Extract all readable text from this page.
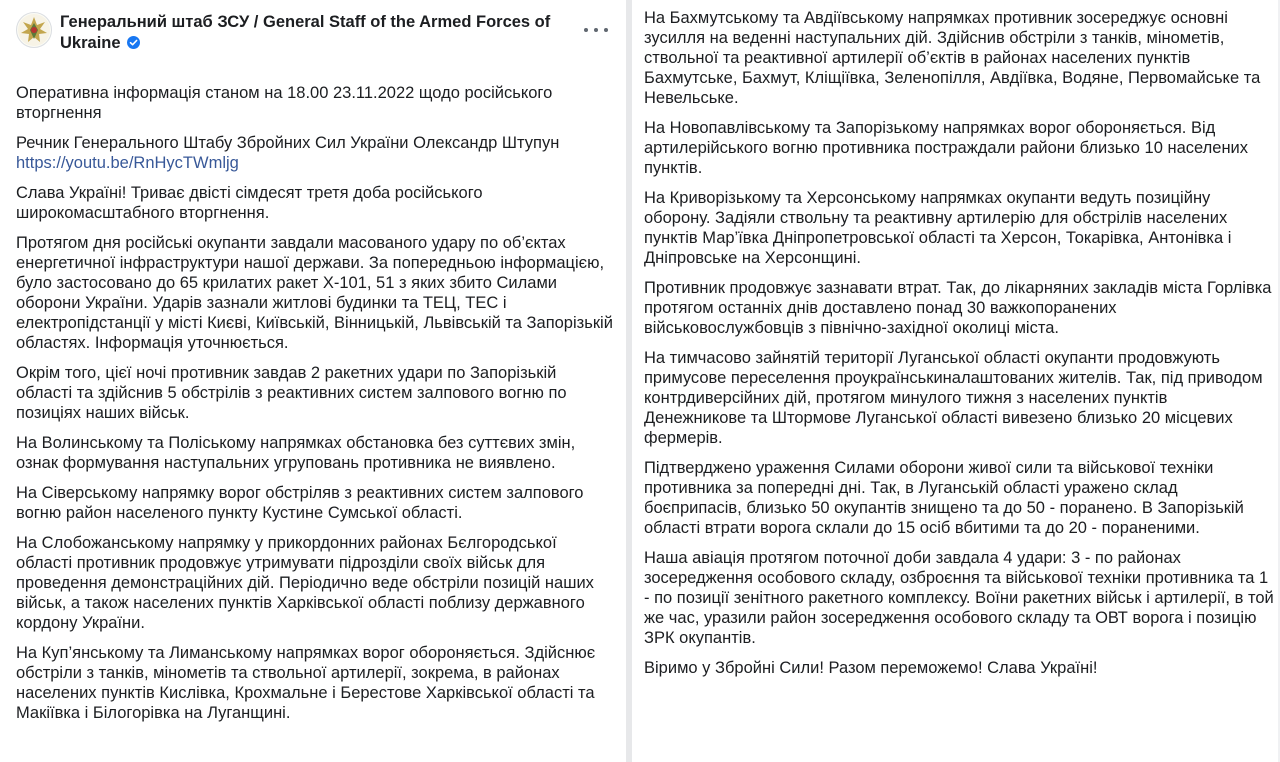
Генеральний штаб ЗСУ / General Staff of the Armed Forces of Ukraine

Оперативна інформація станом на 18.00 23.11.2022 щодо російського вторгнення

Речник Генерального Штабу Збройних Сил України Олександр Штупун https://youtu.be/RnHycTWmljg

Слава Україні! Триває двісті сімдесят третя доба російського широкомасштабного вторгнення.

Протягом дня російські окупанти завдали масованого удару по об’єктах енергетичної інфраструктури нашої держави. За попередньою інформацією, було застосовано до 65 крилатих ракет Х-101, 51 з яких збито Силами оборони України. Ударів зазнали житлові будинки та ТЕЦ, ТЕС і електропідстанції у місті Києві, Київській, Вінницькій, Львівській та Запорізькій областях. Інформація уточнюється.

Окрім того, цієї ночі противник завдав 2 ракетних удари по Запорізькій області та здійснив 5 обстрілів з реактивних систем залпового вогню по позиціях наших військ.

На Волинському та Поліському напрямках обстановка без суттєвих змін, ознак формування наступальних угруповань противника не виявлено.

На Сіверському напрямку ворог обстріляв з реактивних систем залпового вогню район населеного пункту Кустине Сумської області.

На Слобожанському напрямку у прикордонних районах Бєлгородської області противник продовжує утримувати підрозділи своїх військ для проведення демонстраційних дій. Періодично веде обстріли позицій наших військ, а також населених пунктів Харківської області поблизу державного кордону України.

На Куп’янському та Лиманському напрямках ворог обороняється. Здійснює обстріли з танків, мінометів та ствольної артилерії, зокрема, в районах населених пунктів Кислівка, Крохмальне і Берестове Харківської області та Макіївка і Білогорівка на Луганщині.

На Бахмутському та Авдіївському напрямках противник зосереджує основні зусилля на веденні наступальних дій. Здійснив обстріли з танків, мінометів, ствольної та реактивної артилерії об’єктів в районах населених пунктів Бахмутське, Бахмут, Кліщіївка, Зеленопілля, Авдіївка, Водяне, Первомайське та Невельське.

На Новопавлівському та Запорізькому напрямках ворог обороняється. Від артилерійського вогню противника постраждали райони близько 10 населених пунктів.

На Криворізькому та Херсонському напрямках окупанти ведуть позиційну оборону. Задіяли ствольну та реактивну артилерію для обстрілів населених пунктів Мар’ївка Дніпропетровської області та Херсон, Токарівка, Антонівка і Дніпровське на Херсонщині.

Противник продовжує зазнавати втрат. Так, до лікарняних закладів міста Горлівка протягом останніх днів доставлено понад 30 важкопоранених військовослужбовців з північно-західної околиці міста.

На тимчасово зайнятій території Луганської області окупанти продовжують примусове переселення проукраїнськиналаштованих жителів. Так, під приводом контрдиверсійних дій, протягом минулого тижня з населених пунктів Денежникове та Штормове Луганської області вивезено близько 20 місцевих фермерів.

Підтверджено ураження Силами оборони живої сили та військової техніки противника за попередні дні. Так, в Луганській області уражено склад боєприпасів, близько 50 окупантів знищено та до 50 - поранено. В Запорізькій області втрати ворога склали до 15 осіб вбитими та до 20 - пораненими.

Наша авіація протягом поточної доби завдала 4 удари: 3 - по районах зосередження особового складу, озброєння та військової техніки противника та 1 - по позиції зенітного ракетного комплексу. Воїни ракетних військ і артилерії, в той же час, уразили район зосередження особового складу та ОВТ ворога і позицію ЗРК окупантів.

Віримо у Збройні Сили! Разом переможемо! Слава Україні!
